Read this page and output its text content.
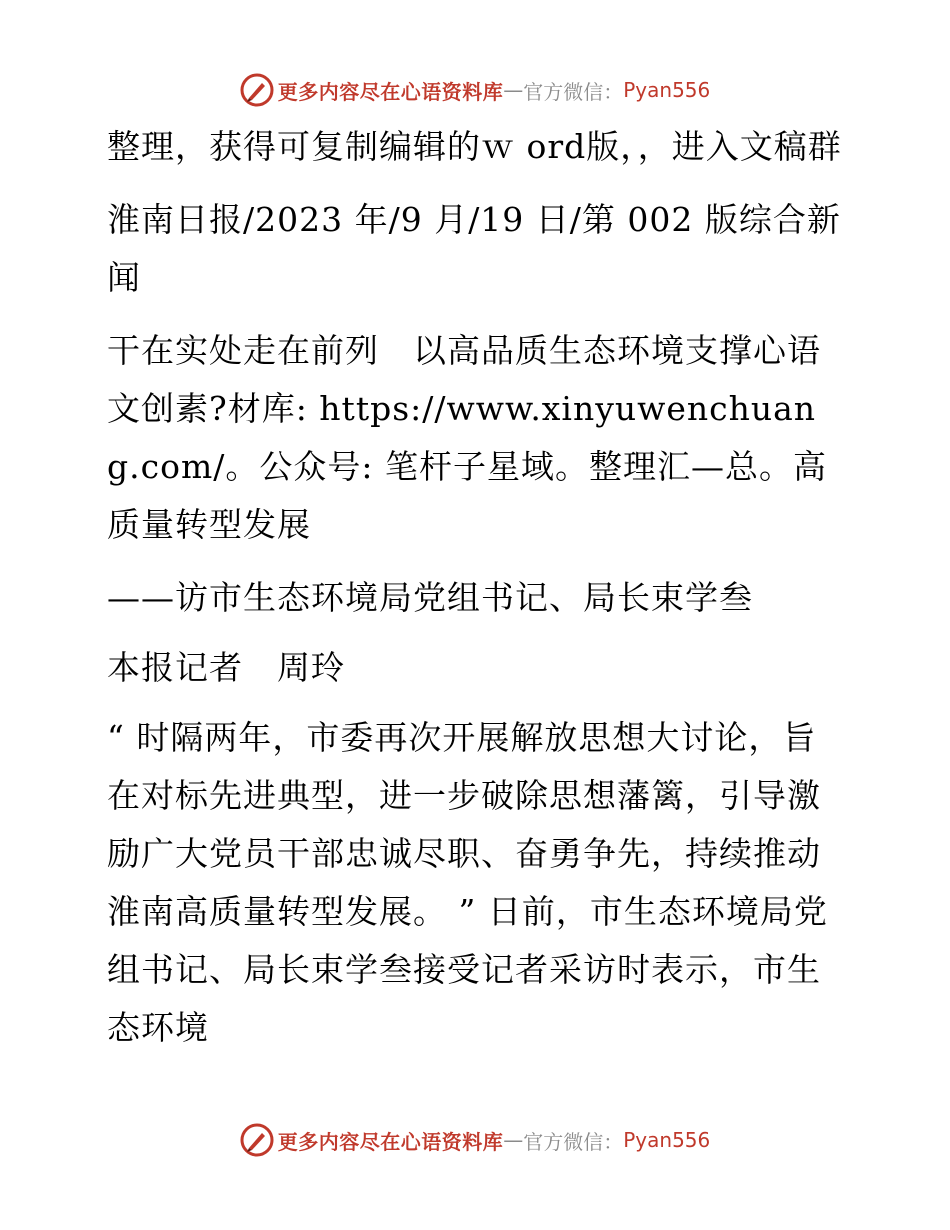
更多内容尽在心语资料库 — 官方微信： Pyan556

整理，获得可复制编辑的ｗ ord版，，进入文稿群

淮南日报/2023 年/9 月/19 日/第 002 版综合新闻

干在实处走在前列　以高品质生态环境支撑心语文创素?材库: https://www.xinyuwenchuang.com/。公众号: 笔杆子星域。整理汇—总。高质量转型发展

——访市生态环境局党组书记、局长束学叁

本报记者　周玲

“ 时隔两年，市委再次开展解放思想大讨论，旨在对标先进典型，进一步破除思想藩篱，引导激励广大党员干部忠诚尽职、奋勇争先，持续推动淮南高质量转型发展。 ” 日前，市生态环境局党组书记、局长束学叁接受记者采访时表示，市生态环境

更多内容尽在心语资料库 — 官方微信： Pyan556
